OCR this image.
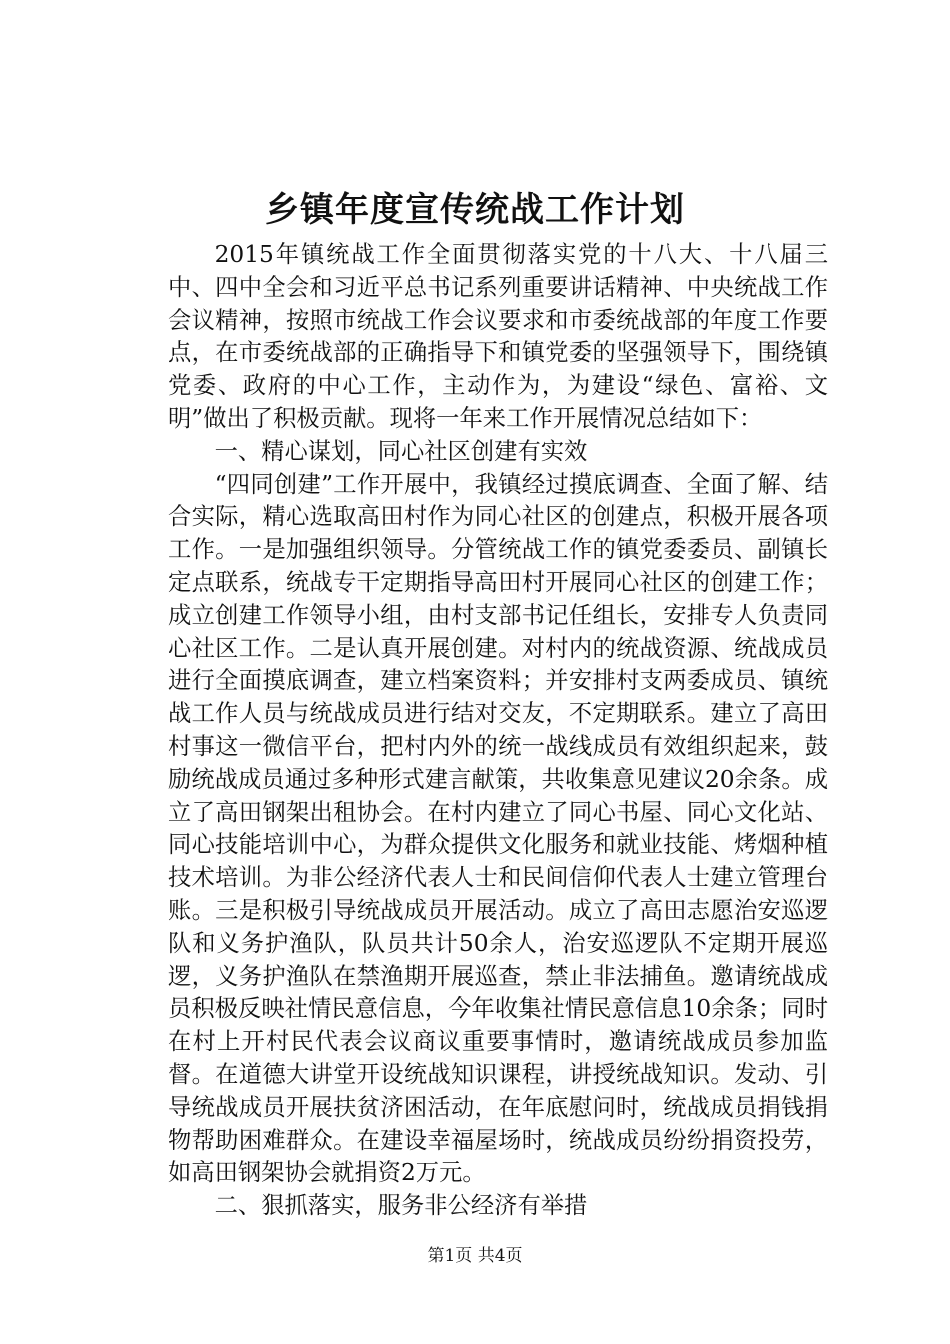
乡镇年度宣传统战工作计划

2015年镇统战工作全面贯彻落实党的十八大、十八届三中、四中全会和习近平总书记系列重要讲话精神、中央统战工作会议精神，按照市统战工作会议要求和市委统战部的年度工作要点，在市委统战部的正确指导下和镇党委的坚强领导下，围绕镇党委、政府的中心工作，主动作为，为建设“绿色、富裕、文明”做出了积极贡献。现将一年来工作开展情况总结如下：

一、精心谋划，同心社区创建有实效

“四同创建”工作开展中，我镇经过摸底调查、全面了解、结合实际，精心选取高田村作为同心社区的创建点，积极开展各项工作。一是加强组织领导。分管统战工作的镇党委委员、副镇长定点联系，统战专干定期指导高田村开展同心社区的创建工作；成立创建工作领导小组，由村支部书记任组长，安排专人负责同心社区工作。二是认真开展创建。对村内的统战资源、统战成员进行全面摸底调查，建立档案资料；并安排村支两委成员、镇统战工作人员与统战成员进行结对交友，不定期联系。建立了高田村事这一微信平台，把村内外的统一战线成员有效组织起来，鼓励统战成员通过多种形式建言献策，共收集意见建议20余条。成立了高田钢架出租协会。在村内建立了同心书屋、同心文化站、同心技能培训中心，为群众提供文化服务和就业技能、烤烟种植技术培训。为非公经济代表人士和民间信仰代表人士建立管理台账。三是积极引导统战成员开展活动。成立了高田志愿治安巡逻队和义务护渔队，队员共计50余人，治安巡逻队不定期开展巡逻，义务护渔队在禁渔期开展巡查，禁止非法捕鱼。邀请统战成员积极反映社情民意信息，今年收集社情民意信息10余条；同时在村上开村民代表会议商议重要事情时，邀请统战成员参加监督。在道德大讲堂开设统战知识课程，讲授统战知识。发动、引导统战成员开展扶贫济困活动，在年底慰问时，统战成员捐钱捐物帮助困难群众。在建设幸福屋场时，统战成员纷纷捐资投劳，如高田钢架协会就捐资2万元。

二、狠抓落实，服务非公经济有举措

第1页 共4页
